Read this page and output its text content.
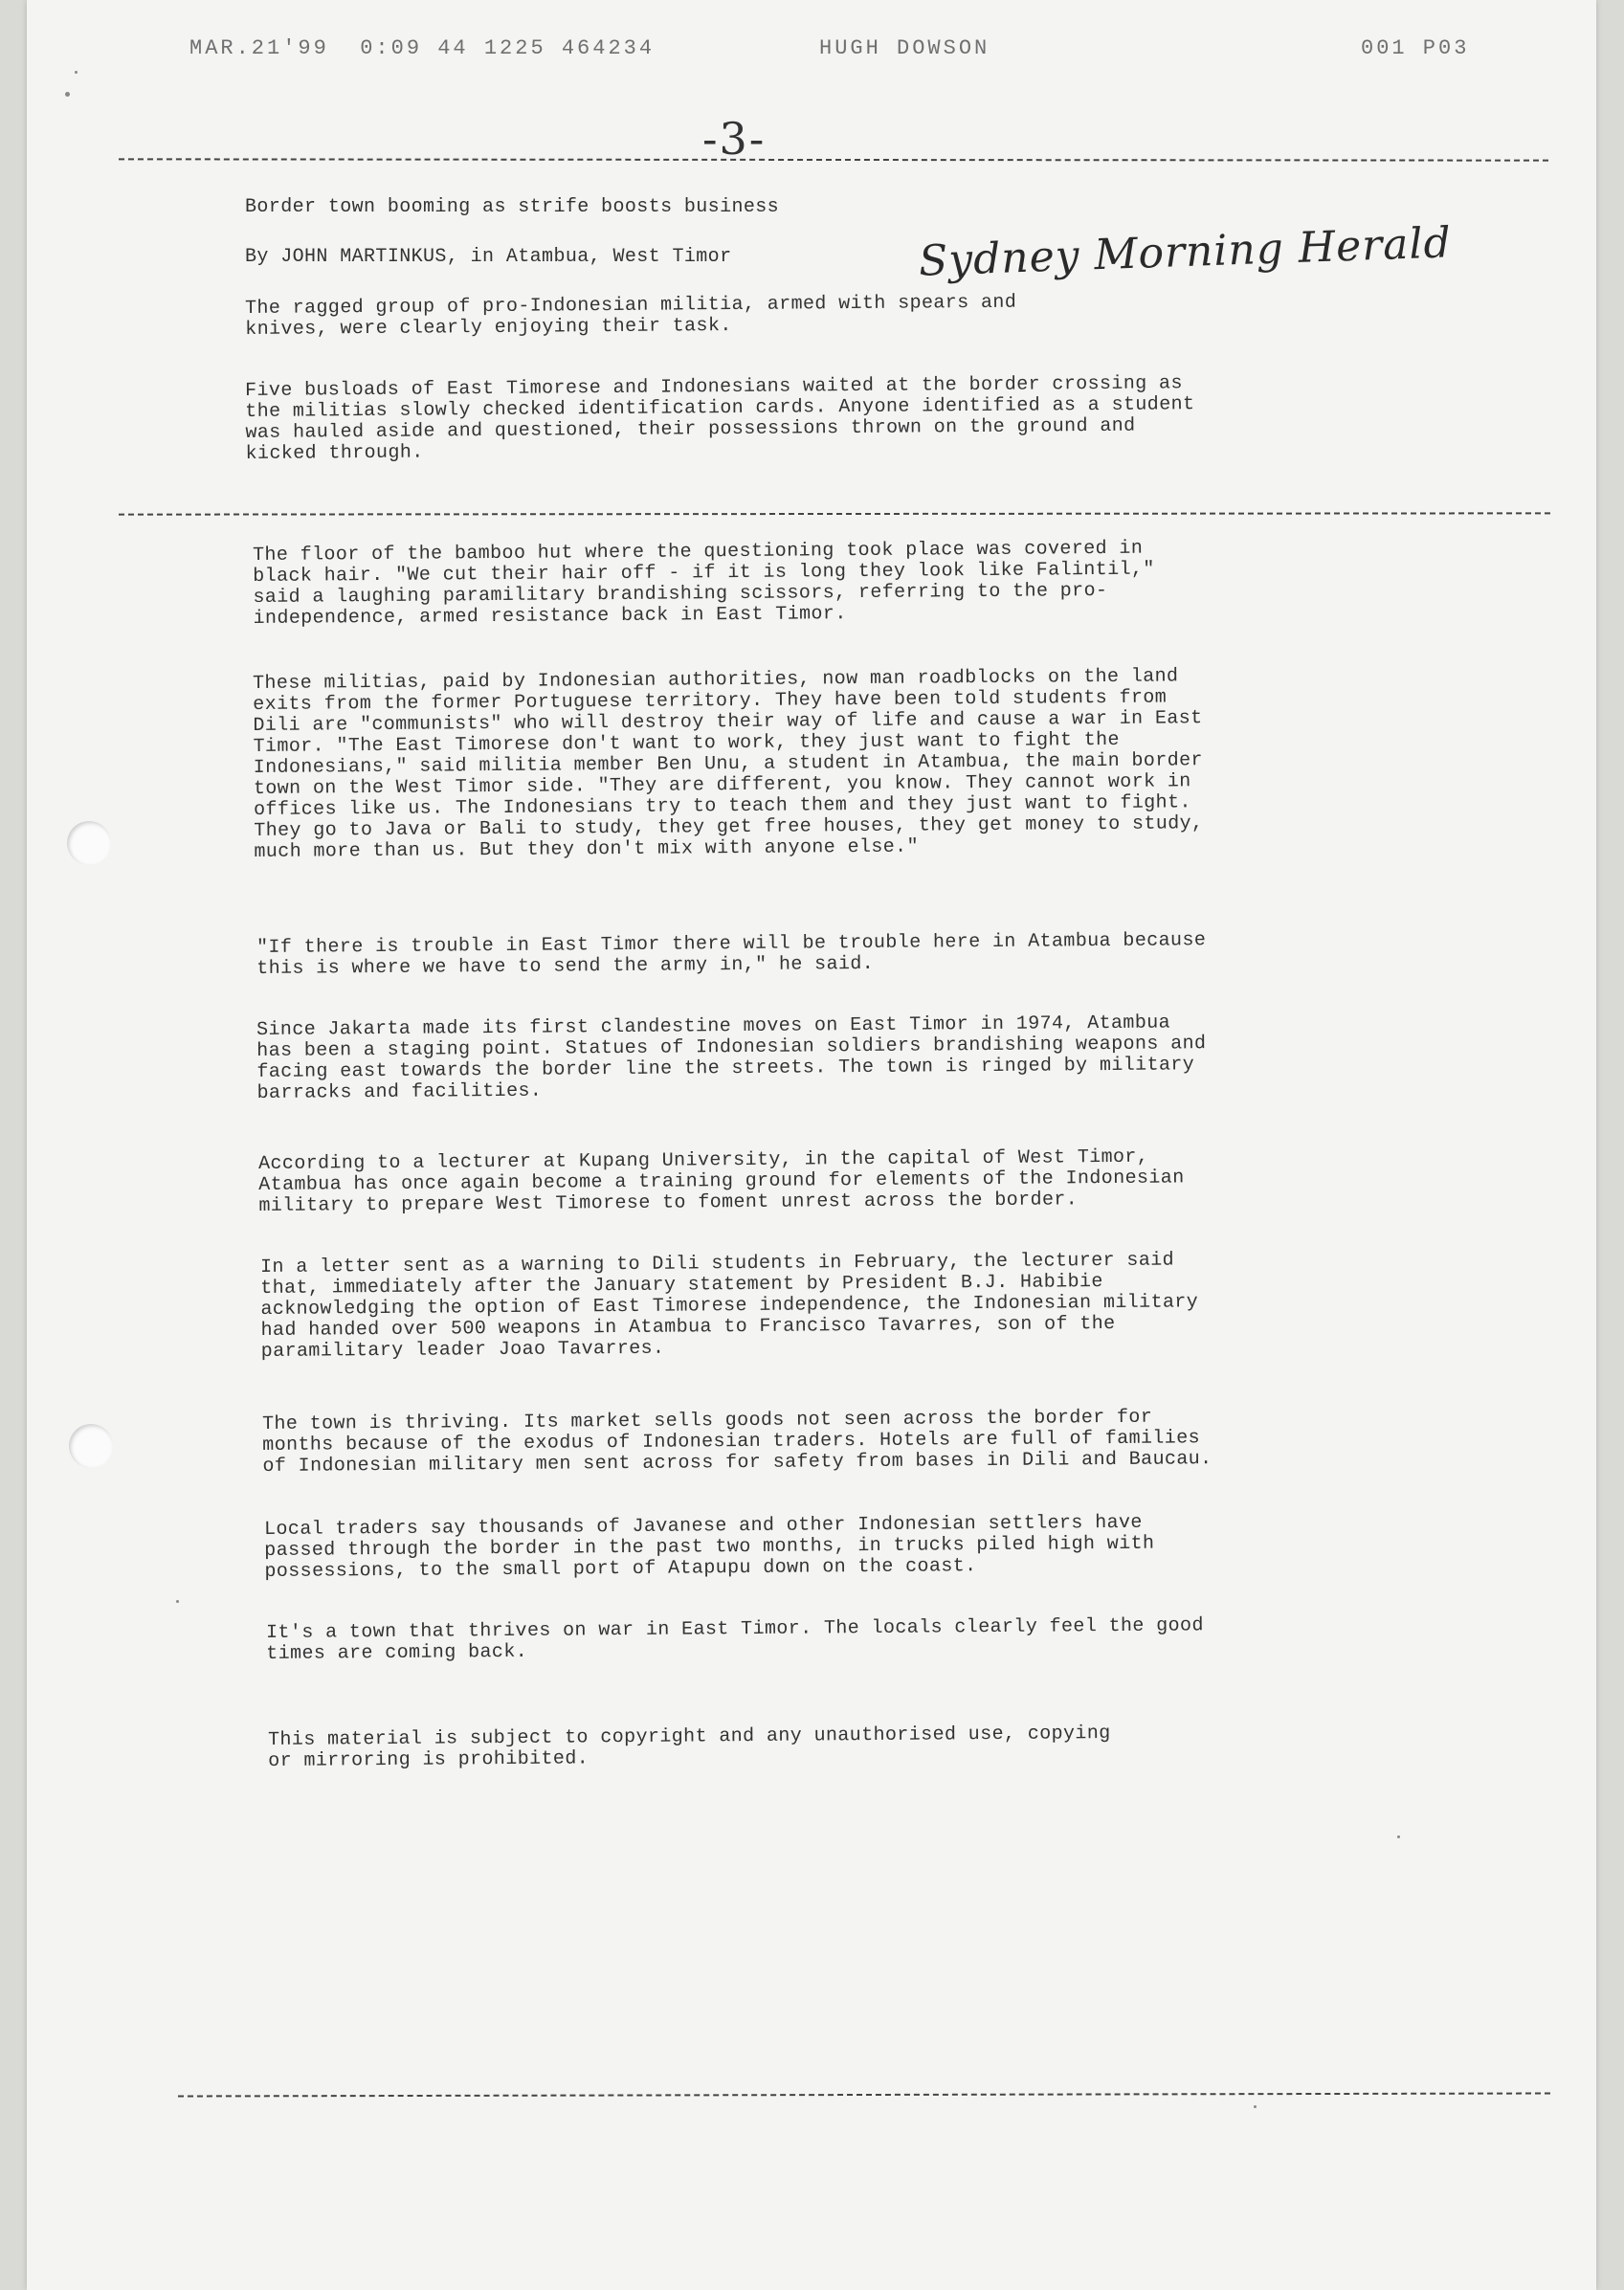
MAR.21'99  0:09 44 1225 464234	HUGH DOWSON	001 P03
-3-
Border town booming as strife boosts business
By JOHN MARTINKUS, in Atambua, West Timor	Sydney Morning Herald
The ragged group of pro-Indonesian militia, armed with spears and
knives, were clearly enjoying their task.
Five busloads of East Timorese and Indonesians waited at the border crossing as
the militias slowly checked identification cards. Anyone identified as a student
was hauled aside and questioned, their possessions thrown on the ground and
kicked through.
The floor of the bamboo hut where the questioning took place was covered in
black hair. "We cut their hair off - if it is long they look like Falintil,"
said a laughing paramilitary brandishing scissors, referring to the pro-
independence, armed resistance back in East Timor.
These militias, paid by Indonesian authorities, now man roadblocks on the land
exits from the former Portuguese territory. They have been told students from
Dili are "communists" who will destroy their way of life and cause a war in East
Timor. "The East Timorese don't want to work, they just want to fight the
Indonesians," said militia member Ben Unu, a student in Atambua, the main border
town on the West Timor side. "They are different, you know. They cannot work in
offices like us. The Indonesians try to teach them and they just want to fight.
They go to Java or Bali to study, they get free houses, they get money to study,
much more than us. But they don't mix with anyone else."
"If there is trouble in East Timor there will be trouble here in Atambua because
this is where we have to send the army in," he said.
Since Jakarta made its first clandestine moves on East Timor in 1974, Atambua
has been a staging point. Statues of Indonesian soldiers brandishing weapons and
facing east towards the border line the streets. The town is ringed by military
barracks and facilities.
According to a lecturer at Kupang University, in the capital of West Timor,
Atambua has once again become a training ground for elements of the Indonesian
military to prepare West Timorese to foment unrest across the border.
In a letter sent as a warning to Dili students in February, the lecturer said
that, immediately after the January statement by President B.J. Habibie
acknowledging the option of East Timorese independence, the Indonesian military
had handed over 500 weapons in Atambua to Francisco Tavarres, son of the
paramilitary leader Joao Tavarres.
The town is thriving. Its market sells goods not seen across the border for
months because of the exodus of Indonesian traders. Hotels are full of families
of Indonesian military men sent across for safety from bases in Dili and Baucau.
Local traders say thousands of Javanese and other Indonesian settlers have
passed through the border in the past two months, in trucks piled high with
possessions, to the small port of Atapupu down on the coast.
It's a town that thrives on war in East Timor. The locals clearly feel the good
times are coming back.
This material is subject to copyright and any unauthorised use, copying
or mirroring is prohibited.
